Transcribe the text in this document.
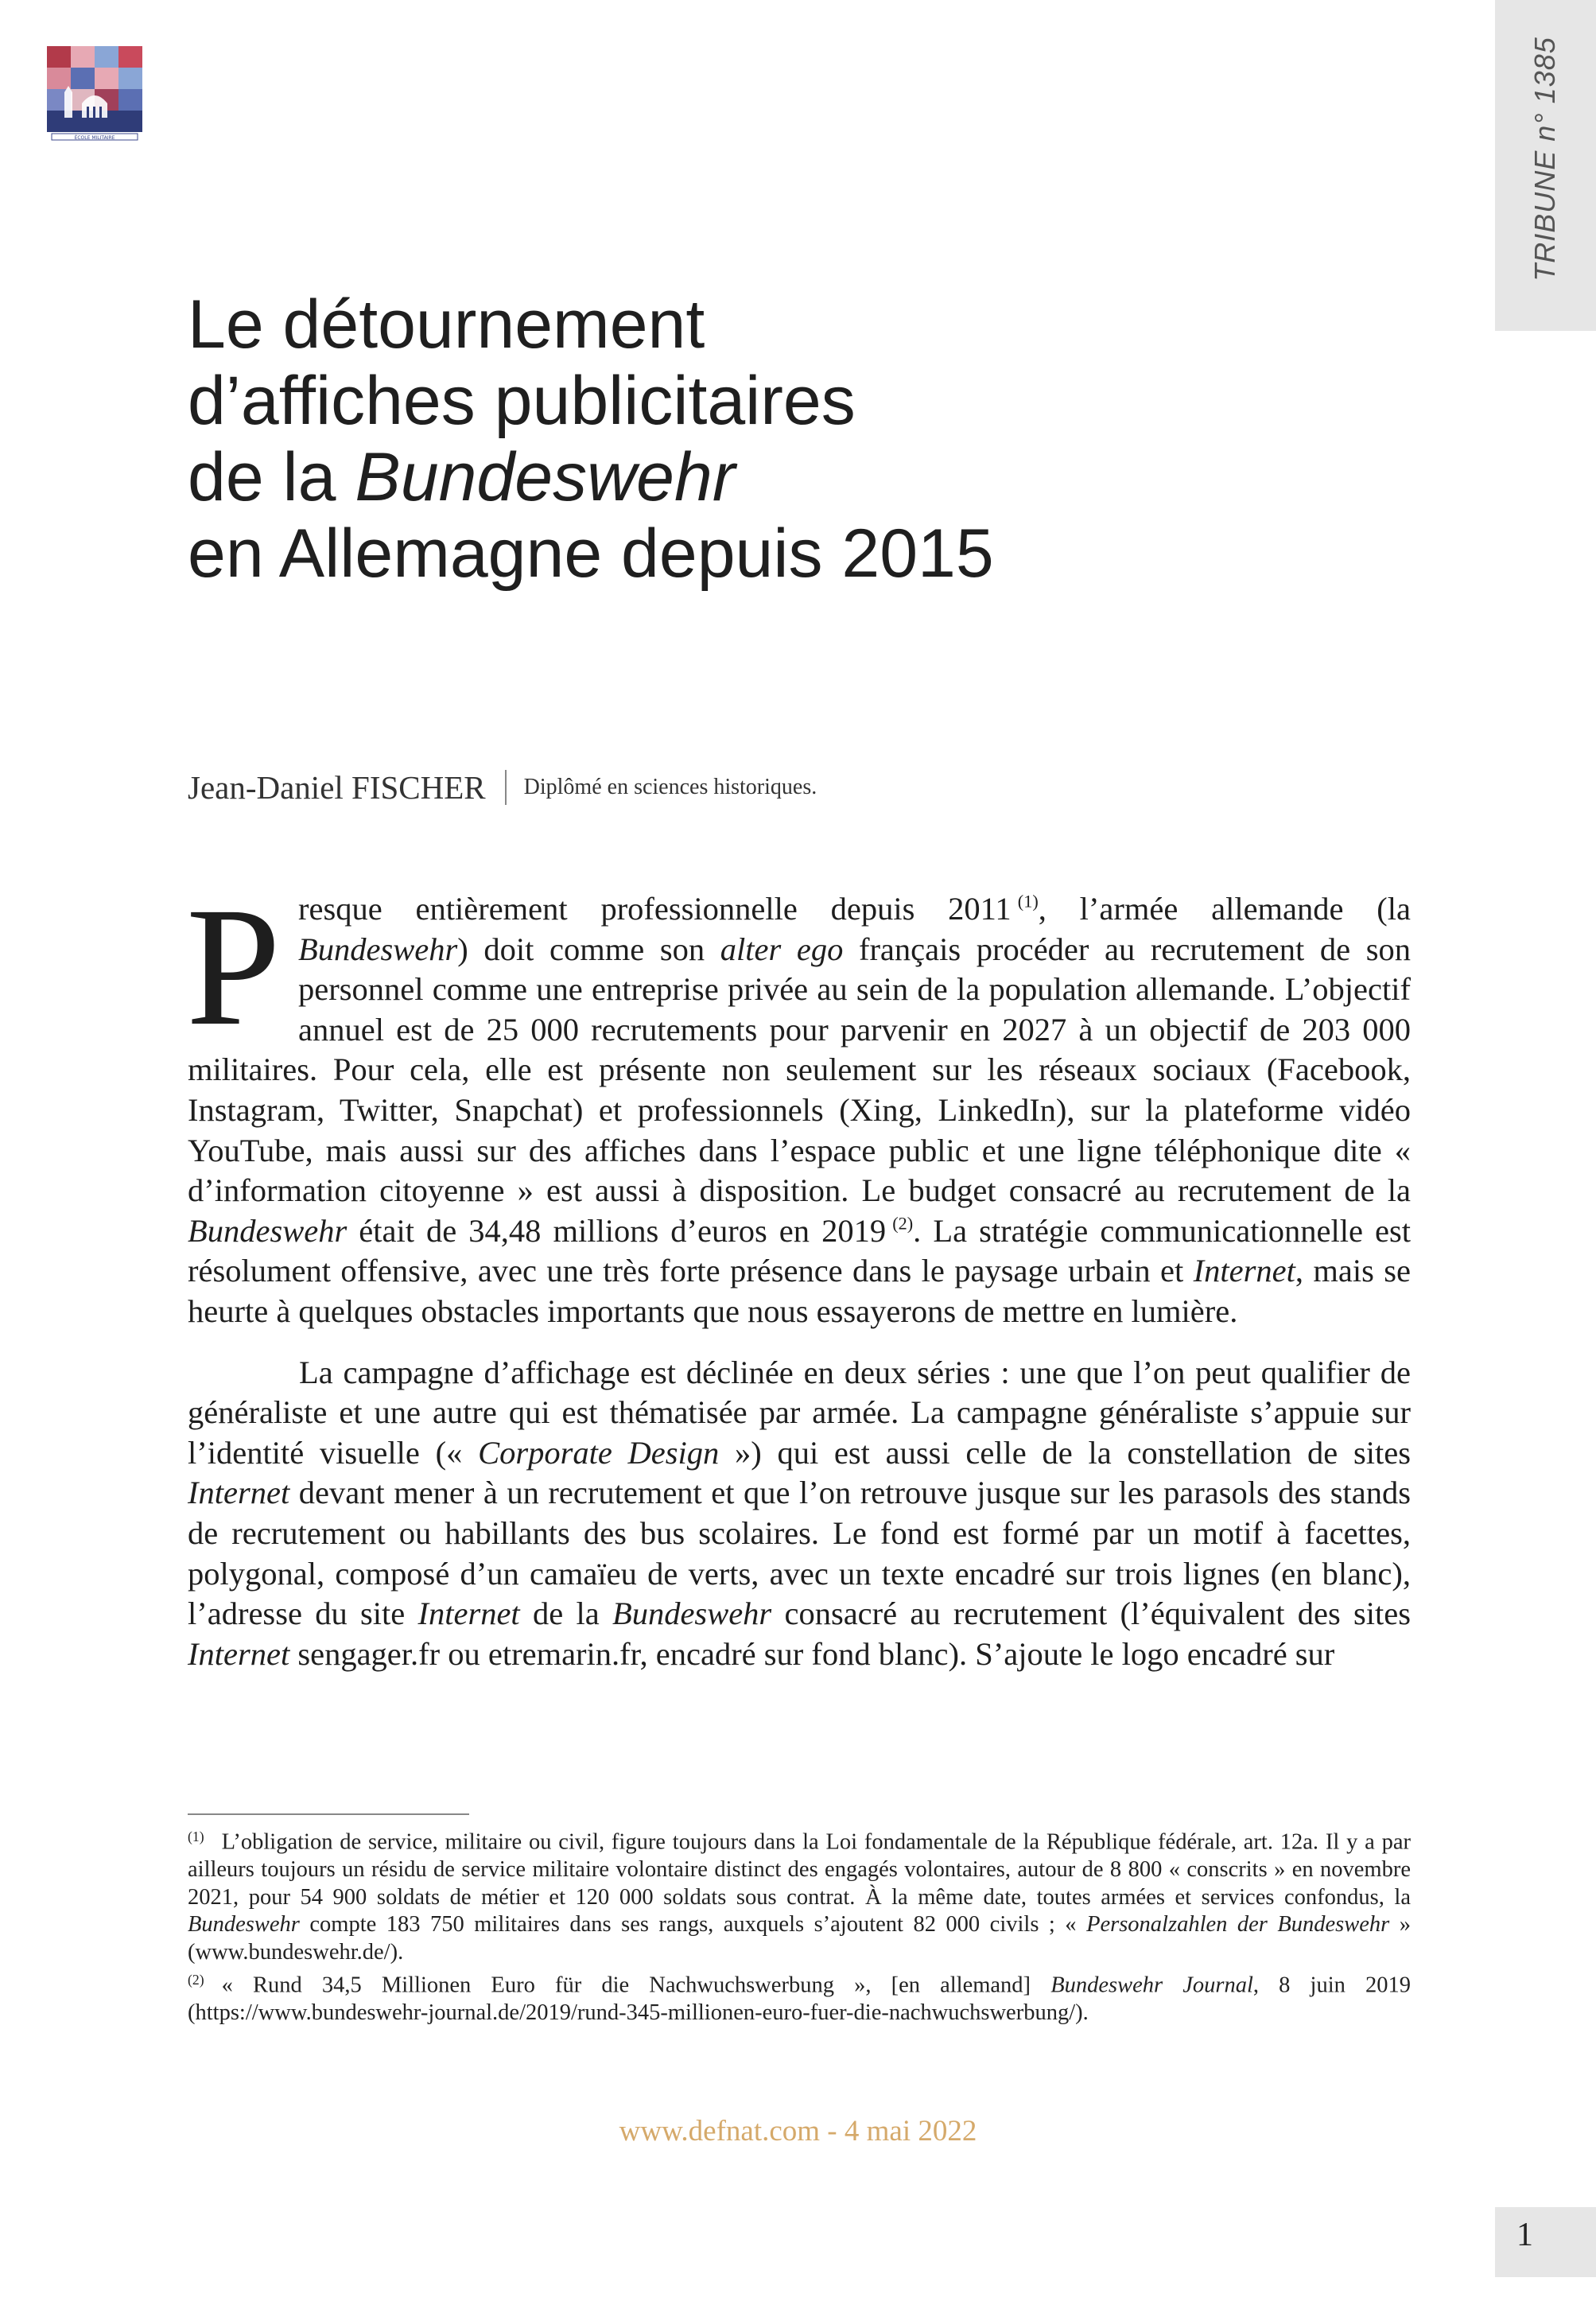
ÉCOLE MILITAIRE	TRIBUNE n° 1385
Le détournement
d’affiches publicitaires
de la Bundeswehr
en Allemagne depuis 2015
Jean-Daniel FISCHER Diplômé en sciences historiques.

Presque entièrement professionnelle depuis 2011  $^{(1)}$, l’armée allemande (la Bundeswehr) doit comme son alter ego français procéder au recrutement de son personnel comme une entreprise privée au sein de la population allemande. L’objectif annuel est de 25 000 recrutements pour parvenir en 2027 à un objectif de 203 000 militaires. Pour cela, elle est présente non seulement sur les réseaux sociaux (Facebook, Instagram, Twitter, Snapchat) et professionnels (Xing, LinkedIn), sur la plateforme vidéo YouTube, mais aussi sur des affiches dans l’espace public et une ligne téléphonique dite « d’information citoyenne » est aussi à disposition. Le budget consacré au recrutement de la Bundeswehr était de 34,48 millions d’euros en 2019  $^{(2)}$. La stratégie communicationnelle est résolument offensive, avec une très forte présence dans le paysage urbain et Internet, mais se heurte à quelques obstacles importants que nous essayerons de mettre en lumière.

La campagne d’affichage est déclinée en deux séries : une que l’on peut qualifier de généraliste et une autre qui est thématisée par armée. La campagne généraliste s’appuie sur l’identité visuelle (« Corporate Design ») qui est aussi celle de la constellation de sites Internet devant mener à un recrutement et que l’on retrouve jusque sur les parasols des stands de recrutement ou habillants des bus scolaires. Le fond est formé par un motif à facettes, polygonal, composé d’un camaïeu de verts, avec un texte encadré sur trois lignes (en blanc), l’adresse du site Internet de la Bundeswehr consacré au recrutement (l’équivalent des sites Internet sengager.fr ou etremarin.fr, encadré sur fond blanc). S’ajoute le logo encadré sur

$^{(1)}$ L’obligation de service, militaire ou civil, figure toujours dans la Loi fondamentale de la République fédérale, art. 12a. Il y a par ailleurs toujours un résidu de service militaire volontaire distinct des engagés volontaires, autour de 8 800 « conscrits » en novembre 2021, pour 54 900 soldats de métier et 120 000 soldats sous contrat. À la même date, toutes armées et services confondus, la Bundeswehr compte 183 750 militaires dans ses rangs, auxquels s’ajoutent 82 000 civils ; « Personalzahlen der Bundeswehr » (www.bundeswehr.de/).

$^{(2)}$ « Rund 34,5 Millionen Euro für die Nachwuchswerbung », [en allemand] Bundeswehr Journal, 8 juin 2019 (https://www.bundeswehr-journal.de/2019/rund-345-millionen-euro-fuer-die-nachwuchswerbung/).

www.defnat.com - 4 mai 2022
1
